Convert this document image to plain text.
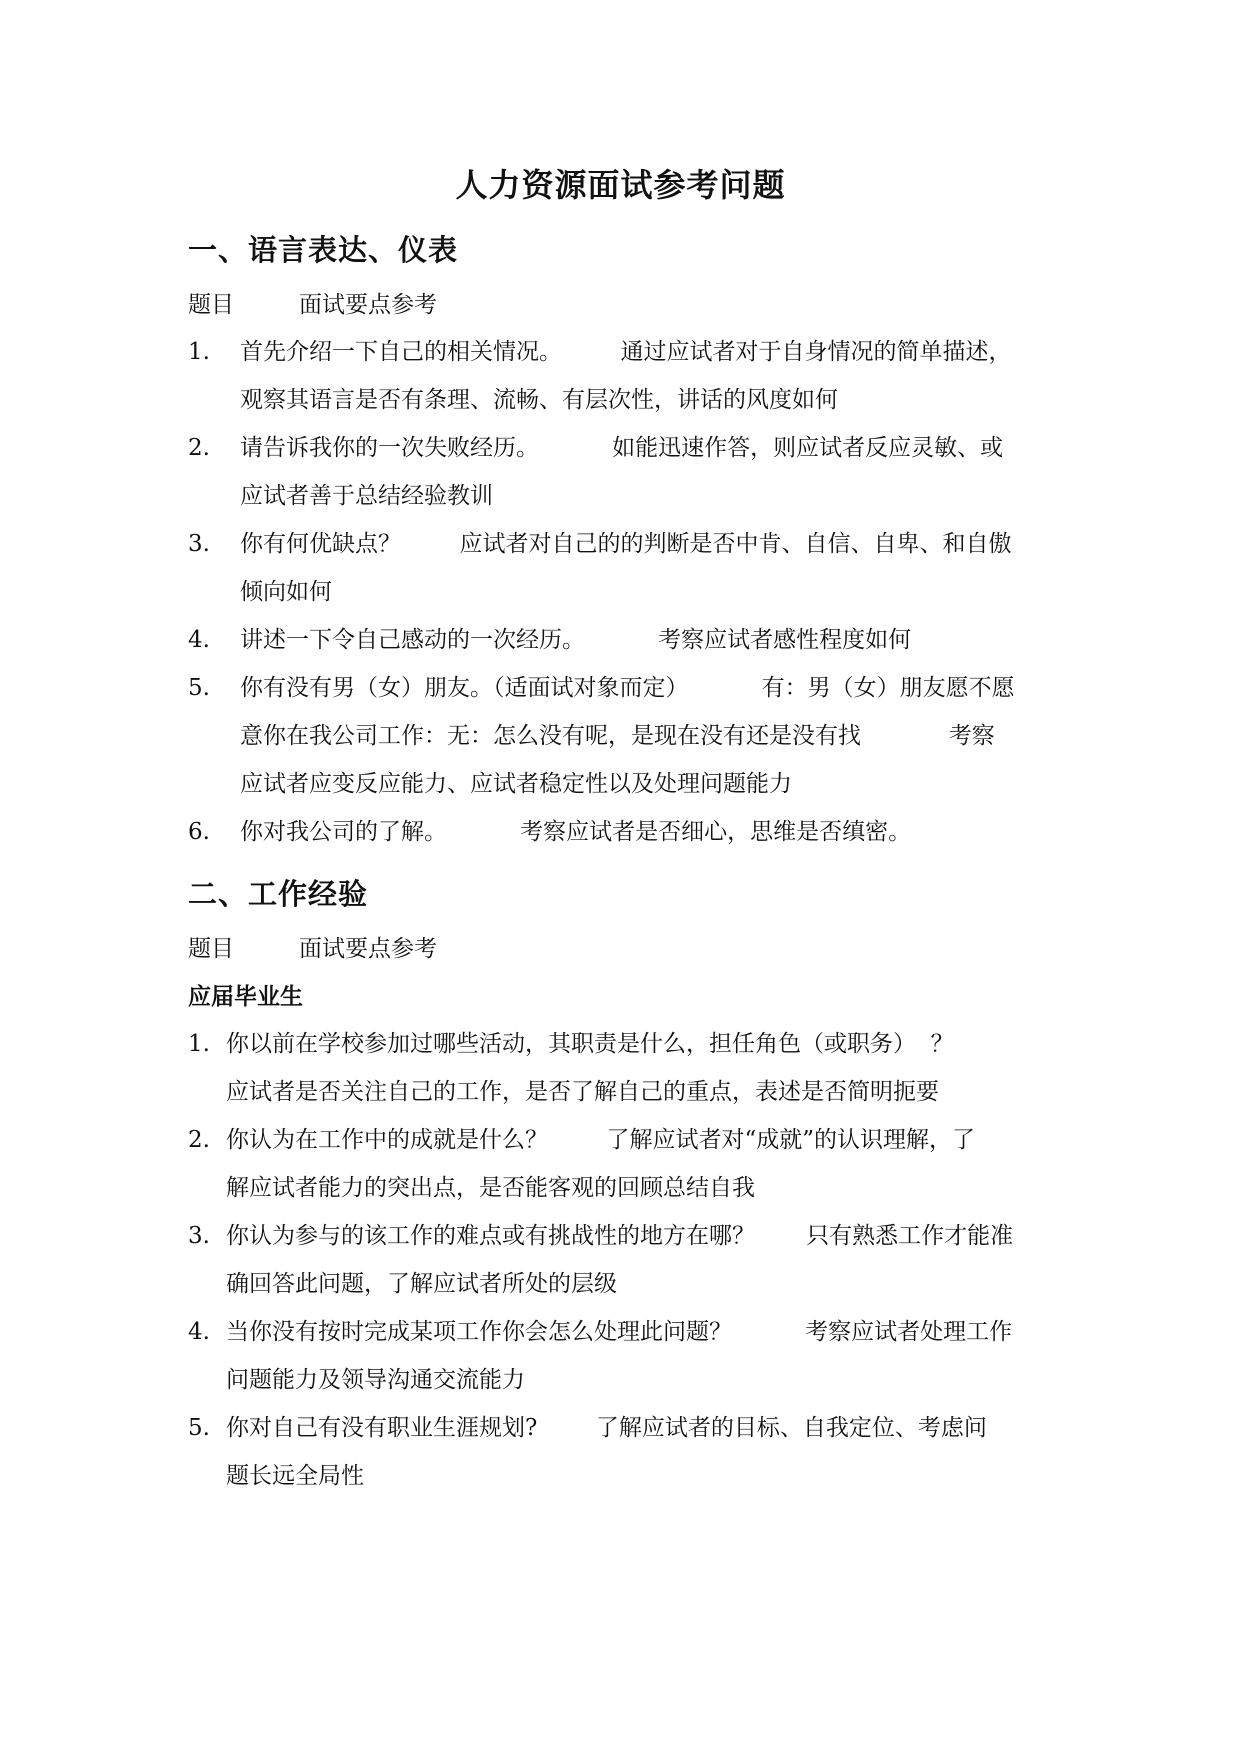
人力资源面试参考问题
一、语言表达、仪表
题目	面试要点参考
1. 首先介绍一下自己的相关情况。        通过应试者对于自身情况的简单描述，
观察其语言是否有条理、流畅、有层次性，讲话的风度如何
2. 请告诉我你的一次失败经历。          如能迅速作答，则应试者反应灵敏、或
应试者善于总结经验教训
3. 你有何优缺点？        应试者对自己的的判断是否中肯、自信、自卑、和自傲
倾向如何
4. 讲述一下令自己感动的一次经历。          考察应试者感性程度如何
5. 你有没有男（女）朋友。（适面试对象而定）          有：男（女）朋友愿不愿
意你在我公司工作：无：怎么没有呢，是现在没有还是没有找            考察
应试者应变反应能力、应试者稳定性以及处理问题能力
6. 你对我公司的了解。          考察应试者是否细心，思维是否缜密。
二、工作经验
题目	面试要点参考
应届毕业生
1. 你以前在学校参加过哪些活动，其职责是什么，担任角色（或职务）  ？
应试者是否关注自己的工作，是否了解自己的重点，表述是否简明扼要
2. 你认为在工作中的成就是什么？        了解应试者对“成就”的认识理解，了
解应试者能力的突出点，是否能客观的回顾总结自我
3. 你认为参与的该工作的难点或有挑战性的地方在哪？       只有熟悉工作才能准
确回答此问题，了解应试者所处的层级
4. 当你没有按时完成某项工作你会怎么处理此问题？          考察应试者处理工作
问题能力及领导沟通交流能力
5. 你对自己有没有职业生涯规划?        了解应试者的目标、自我定位、考虑问
题长远全局性
